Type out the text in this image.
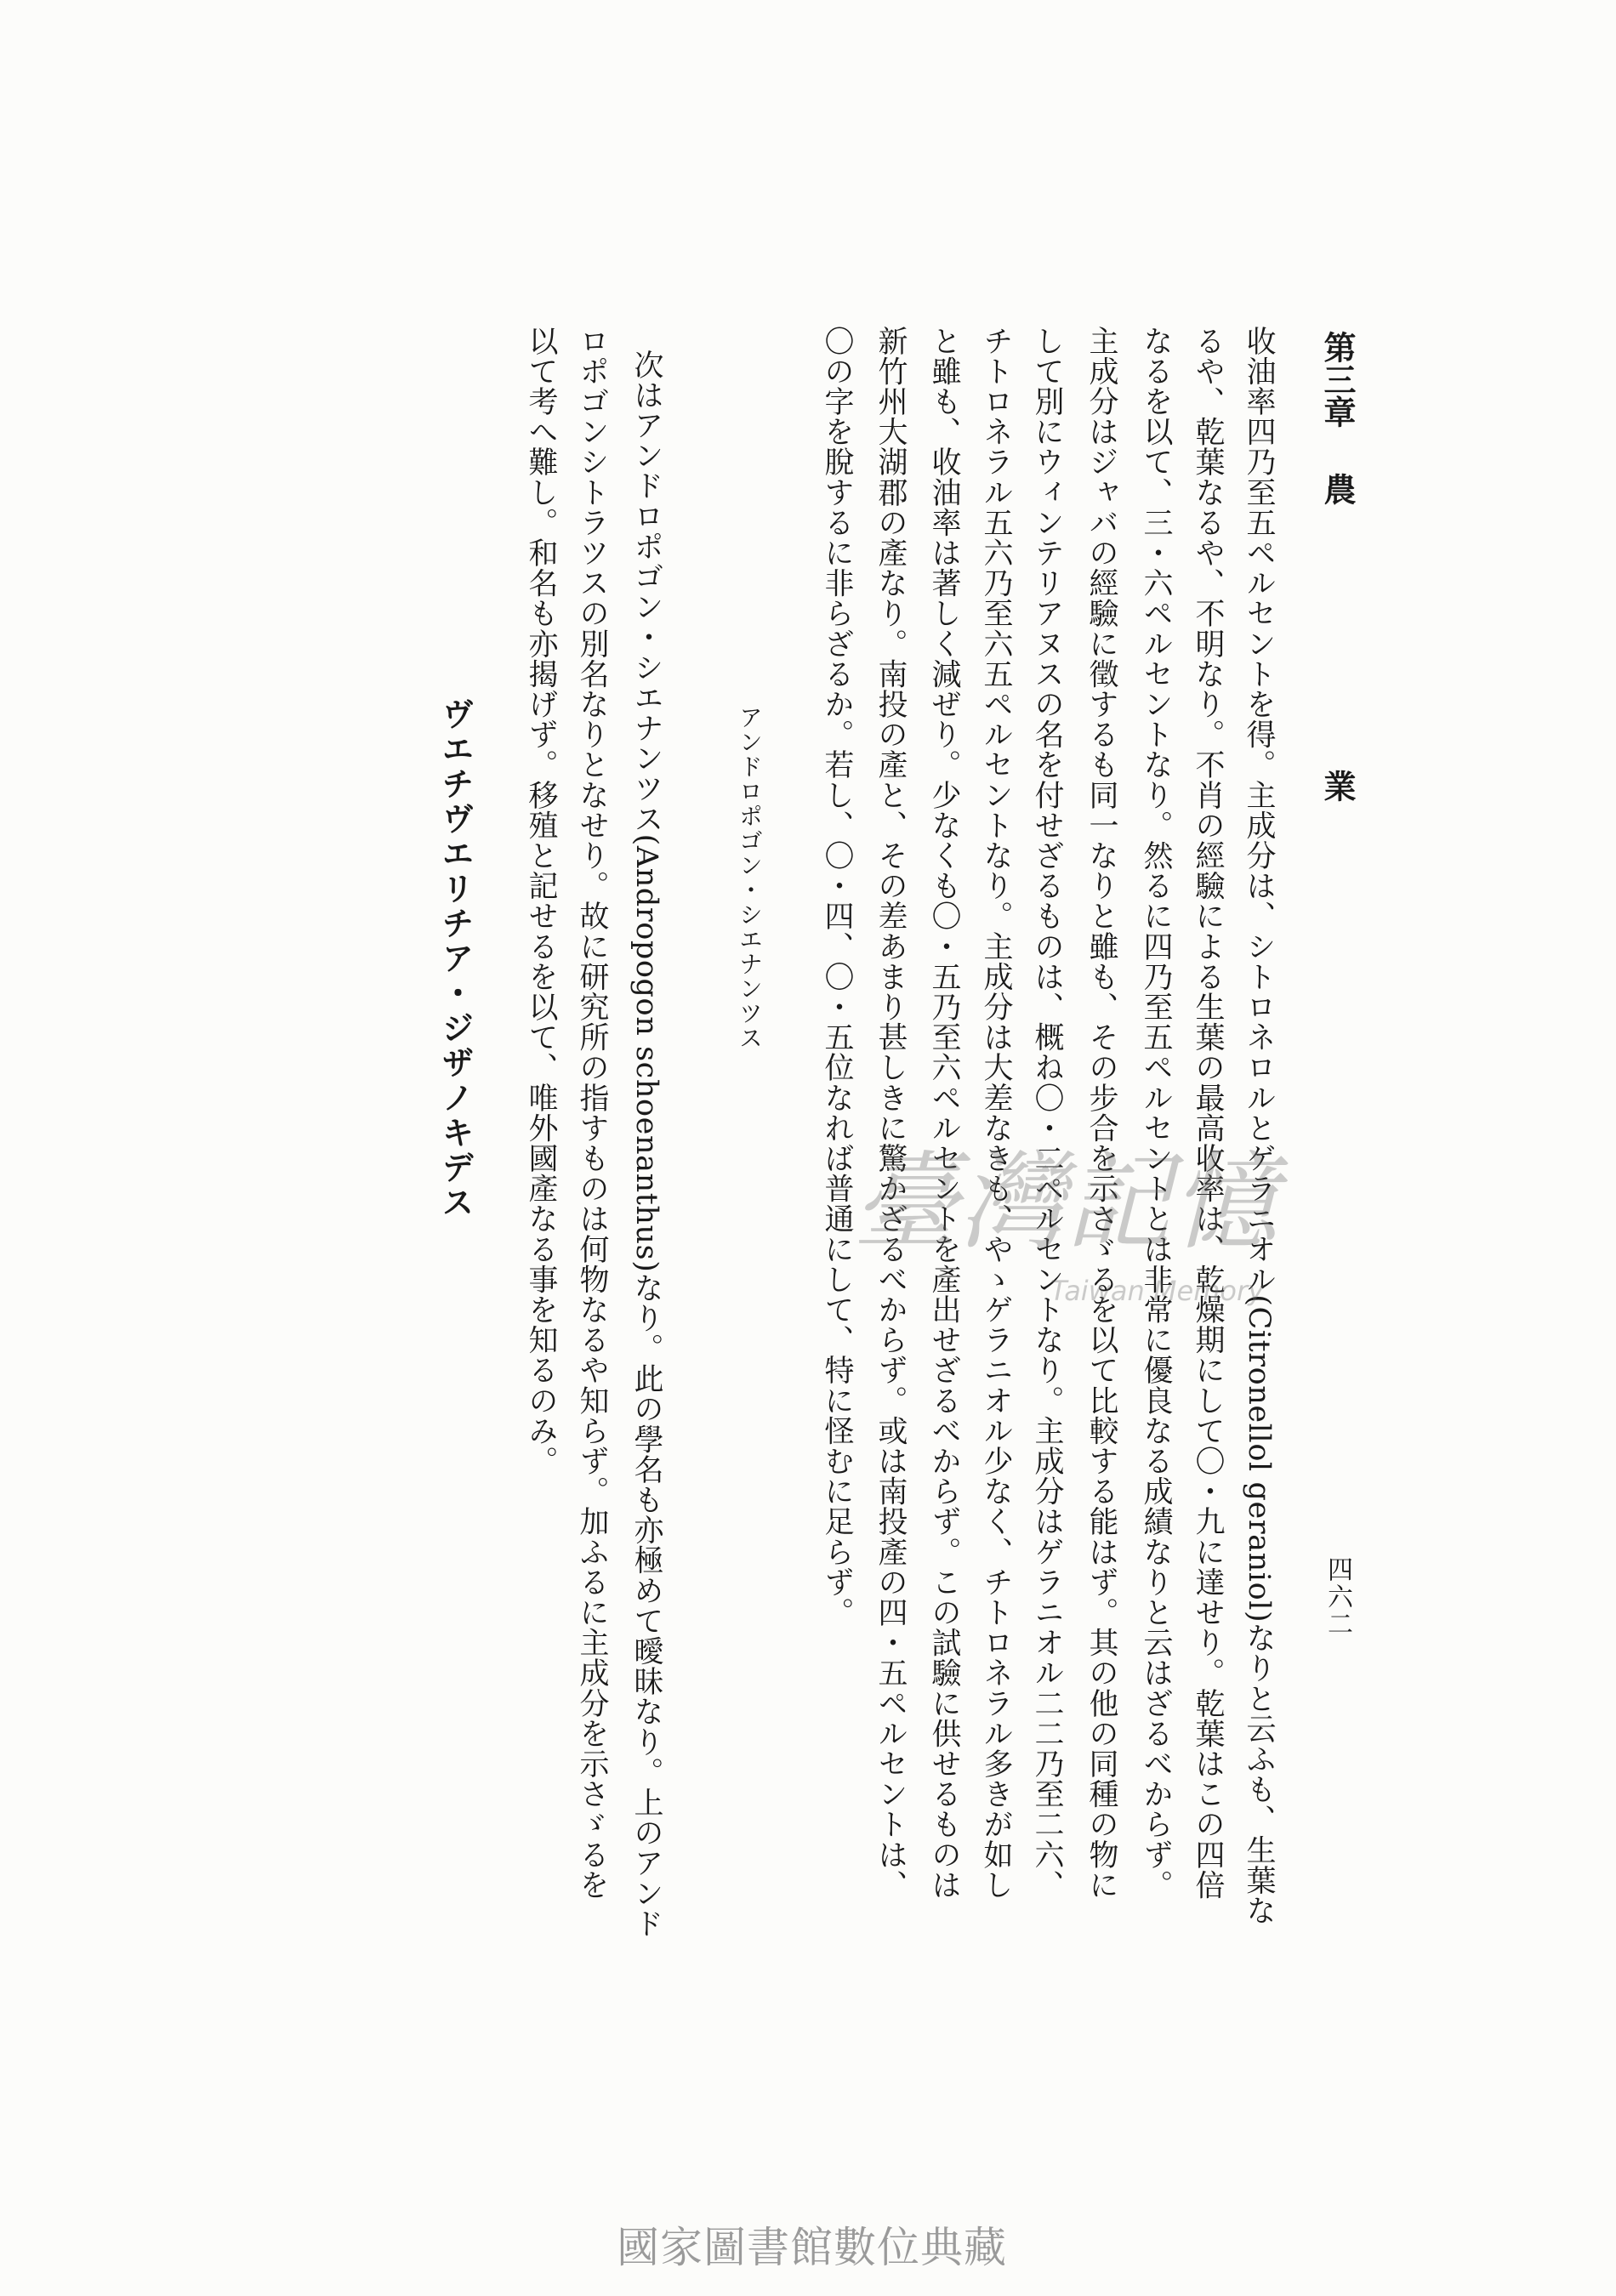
第三章
農
業
四六二
收油率四乃至五ペルセントを得。主成分は、シトロネロルとゲラニオル(Citronellol geraniol)なりと云ふも、生葉な
るや、乾葉なるや、不明なり。不肖の經驗による生葉の最高收率は、乾燥期にして〇・九に達せり。乾葉はこの四倍
なるを以て、三・六ペルセントなり。然るに四乃至五ペルセントとは非常に優良なる成績なりと云はざるべからず。
主成分はジャバの經驗に徵するも同一なりと雖も、その步合を示さゞるを以て比較する能はず。其の他の同種の物に
して別にウィンテリアヌスの名を付せざるものは、概ね〇・二ペルセントなり。主成分はゲラニオル二二乃至二六、
チトロネラル五六乃至六五ペルセントなり。主成分は大差なきも、やゝゲラニオル少なく、チトロネラル多きが如し
と雖も、收油率は著しく減ぜり。少なくも〇・五乃至六ペルセントを產出せざるべからず。この試驗に供せるものは
新竹州大湖郡の產なり。南投の產と、その差あまり甚しきに驚かざるべからず。或は南投產の四・五ペルセントは、
〇の字を脫するに非らざるか。若し、〇・四、〇・五位なれば普通にして、特に怪むに足らず。
アンドロポゴン・シエナンツス
次はアンドロポゴン・シエナンツス(Andropogon schoenanthus)なり。此の學名も亦極めて曖昧なり。上のアンド
ロポゴンシトラツスの別名なりとなせり。故に研究所の指すものは何物なるや知らず。加ふるに主成分を示さゞるを
以て考へ難し。和名も亦揭げず。移殖と記せるを以て、唯外國產なる事を知るのみ。
ヴエチヴエリチア・ジザノキデス	臺灣記憶
Taiwan Memory
國家圖書館數位典藏
